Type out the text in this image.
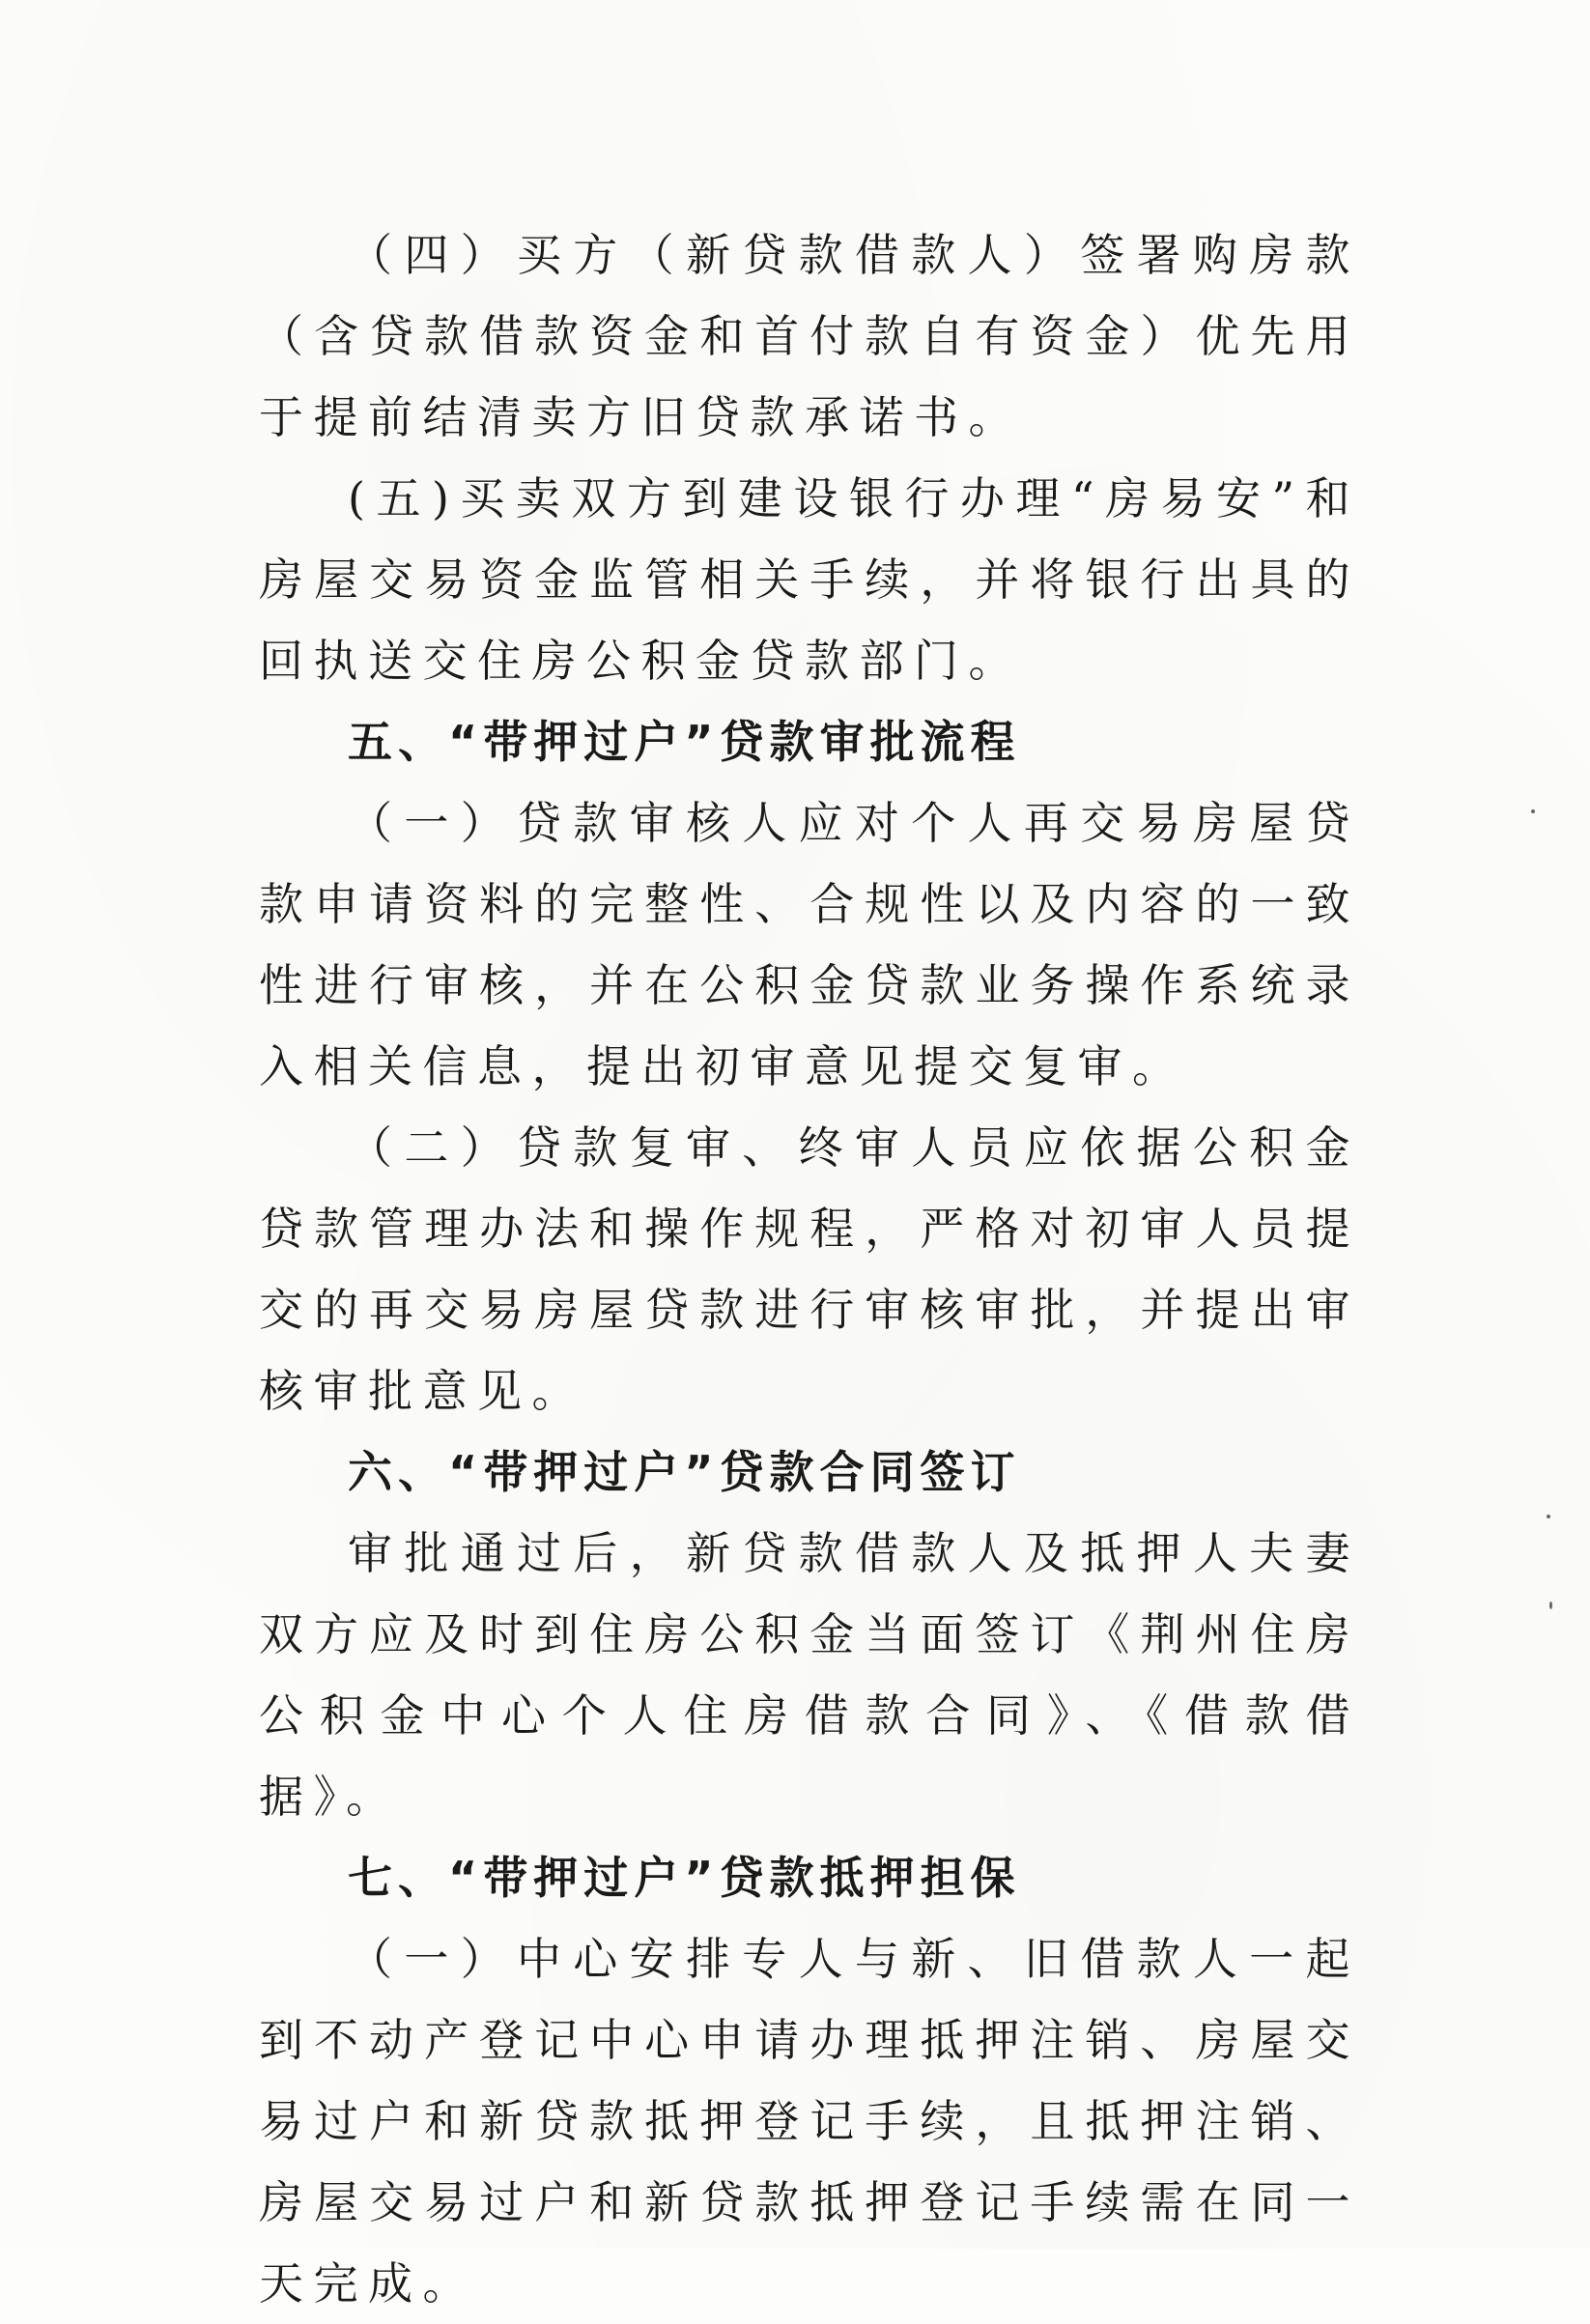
（四）买方（新贷款借款人）签署购房款（含贷款借款资金和首付款自有资金）优先用于提前结清卖方旧贷款承诺书。

(五)买卖双方到建设银行办理“房易安”和房屋交易资金监管相关手续，并将银行出具的回执送交住房公积金贷款部门。

五、“带押过户”贷款审批流程

（一）贷款审核人应对个人再交易房屋贷款申请资料的完整性、合规性以及内容的一致性进行审核，并在公积金贷款业务操作系统录入相关信息，提出初审意见提交复审。

（二）贷款复审、终审人员应依据公积金贷款管理办法和操作规程，严格对初审人员提交的再交易房屋贷款进行审核审批，并提出审核审批意见。

六、“带押过户”贷款合同签订

审批通过后，新贷款借款人及抵押人夫妻双方应及时到住房公积金当面签订《荆州住房公积金中心个人住房借款合同》、《借款借据》。

七、“带押过户”贷款抵押担保

（一）中心安排专人与新、旧借款人一起到不动产登记中心申请办理抵押注销、房屋交易过户和新贷款抵押登记手续，且抵押注销、房屋交易过户和新贷款抵押登记手续需在同一天完成。
